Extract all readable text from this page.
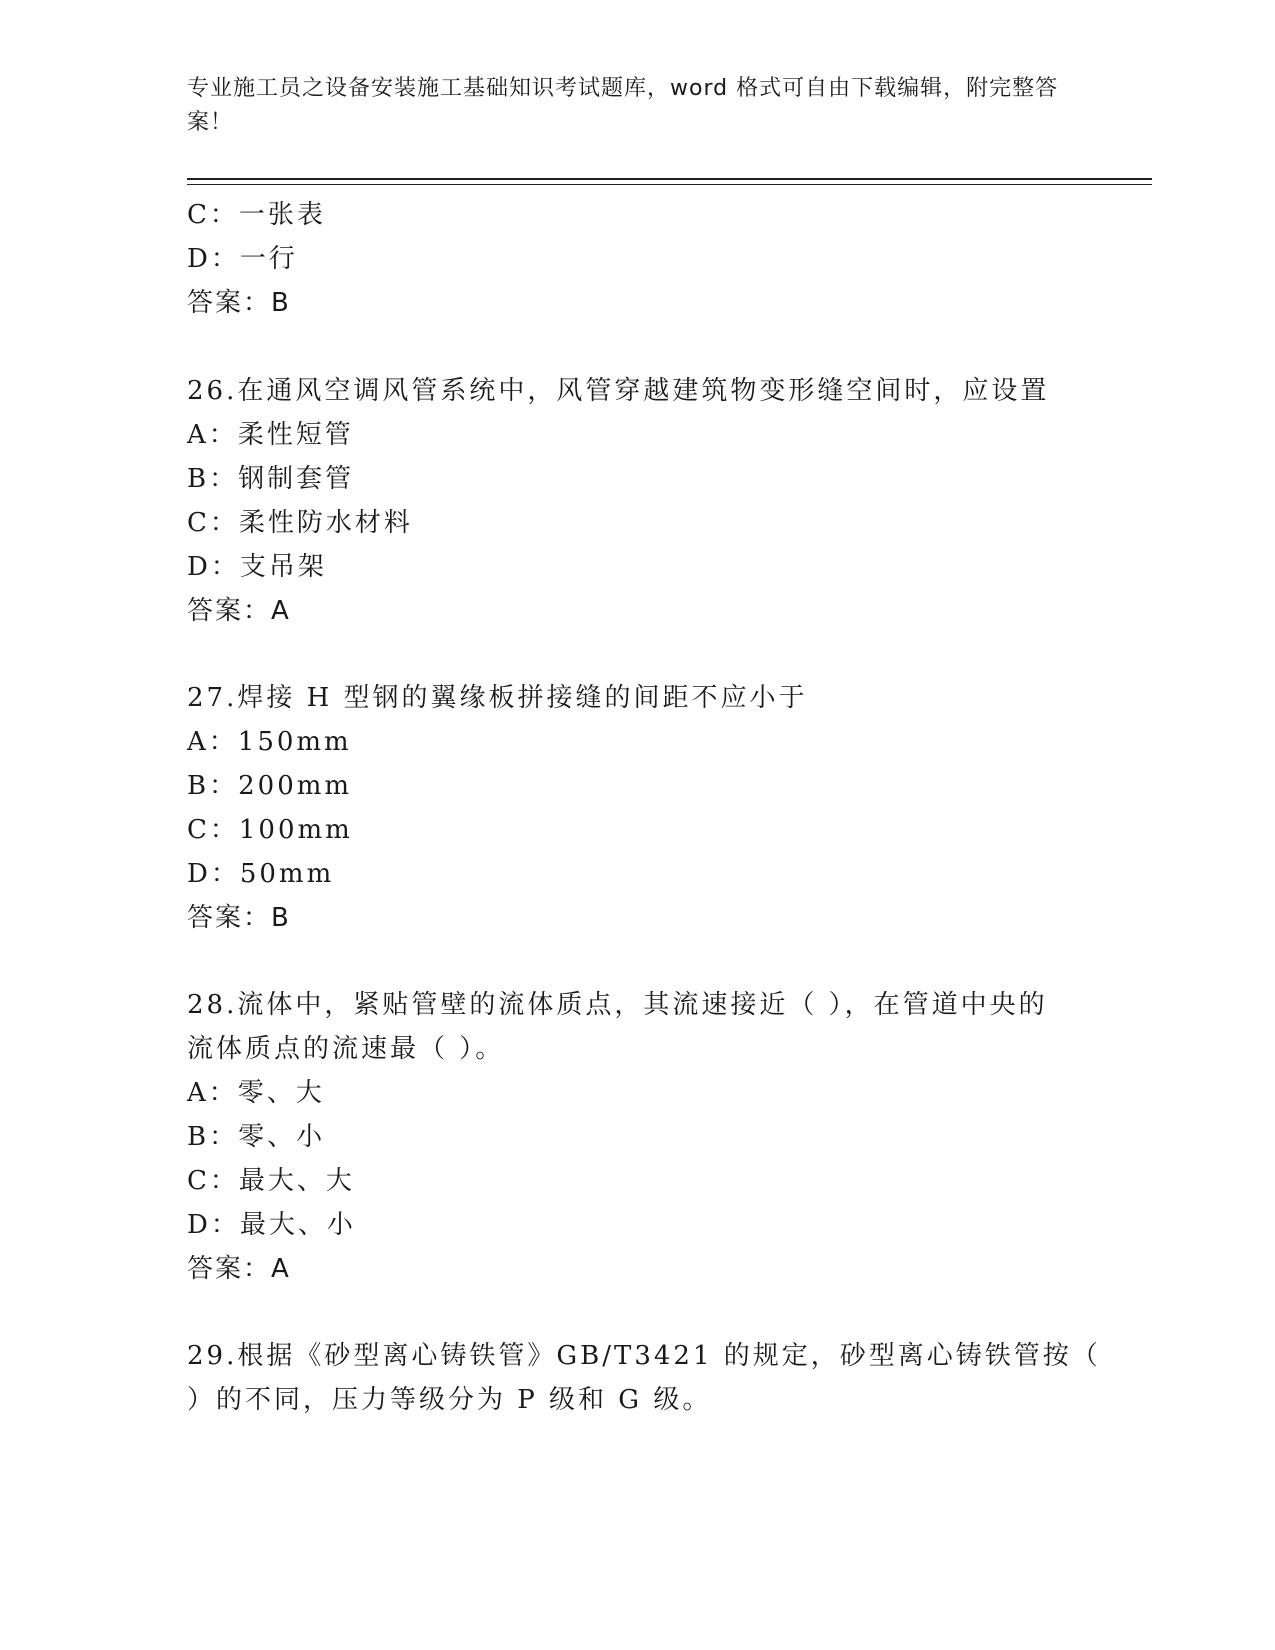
专业施工员之设备安装施工基础知识考试题库，word 格式可自由下载编辑，附完整答案！
C：一张表
D：一行
答案：B
26.在通风空调风管系统中，风管穿越建筑物变形缝空间时，应设置
A：柔性短管
B：钢制套管
C：柔性防水材料
D：支吊架
答案：A
27.焊接 H 型钢的翼缘板拼接缝的间距不应小于
A：150mm
B：200mm
C：100mm
D：50mm
答案：B
28.流体中，紧贴管壁的流体质点，其流速接近（ ），在管道中央的
流体质点的流速最（ ）。
A：零、大
B：零、小
C：最大、大
D：最大、小
答案：A
29.根据《砂型离心铸铁管》GB/T3421 的规定，砂型离心铸铁管按（
）的不同，压力等级分为 P 级和 G 级。
